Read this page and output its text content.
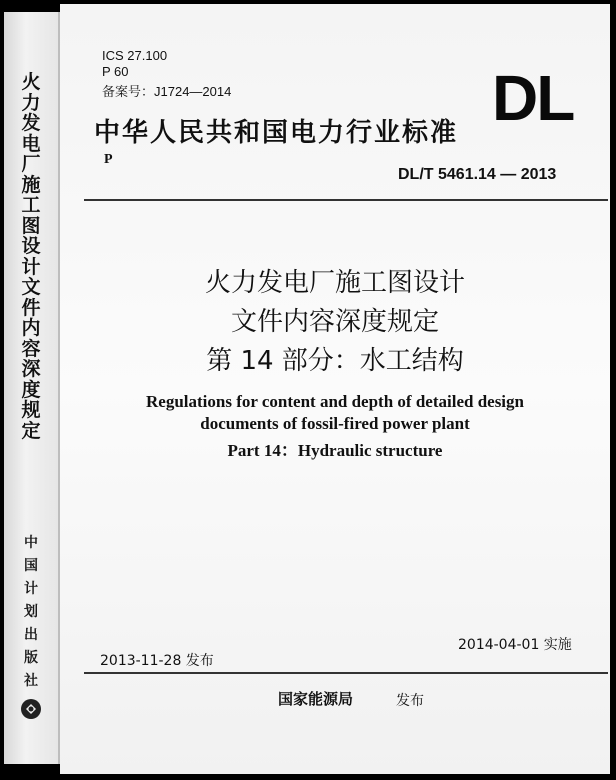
火力发电厂施工图设计文件内容深度规定
中国计划出版社
ICS 27.100
P 60
备案号：J1724—2014	DL
中华人民共和国电力行业标准
P
DL/T 5461.14 — 2013
火力发电厂施工图设计
文件内容深度规定
第 14 部分：水工结构
Regulations for content and depth of detailed design
documents of fossil-fired power plant
Part 14：Hydraulic structure
2013-11-28 发布
2014-04-01 实施
国家能源局	发布
